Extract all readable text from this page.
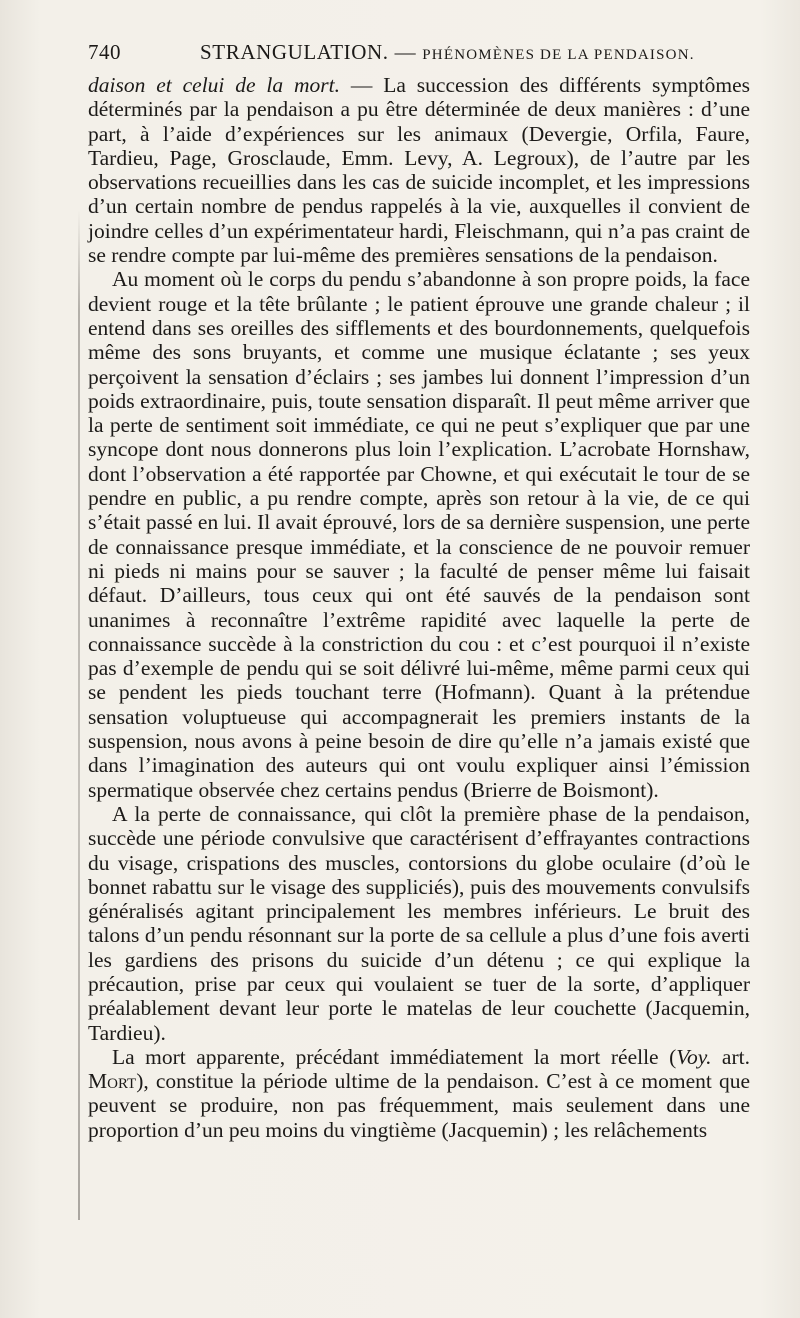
740	STRANGULATION. — PHÉNOMÈNES DE LA PENDAISON.

daison et celui de la mort. — La succession des différents symptômes déterminés par la pendaison a pu être déterminée de deux manières : d’une part, à l’aide d’expériences sur les animaux (Devergie, Orfila, Faure, Tardieu, Page, Grosclaude, Emm. Levy, A. Legroux), de l’autre par les observations recueillies dans les cas de suicide incomplet, et les impressions d’un certain nombre de pendus rappelés à la vie, auxquelles il convient de joindre celles d’un expérimentateur hardi, Fleischmann, qui n’a pas craint de se rendre compte par lui-même des premières sensations de la pendaison.

Au moment où le corps du pendu s’abandonne à son propre poids, la face devient rouge et la tête brûlante ; le patient éprouve une grande chaleur ; il entend dans ses oreilles des sifflements et des bourdonnements, quelquefois même des sons bruyants, et comme une musique éclatante ; ses yeux perçoivent la sensation d’éclairs ; ses jambes lui donnent l’impression d’un poids extraordinaire, puis, toute sensation disparaît. Il peut même arriver que la perte de sentiment soit immédiate, ce qui ne peut s’expliquer que par une syncope dont nous donnerons plus loin l’explication. L’acrobate Hornshaw, dont l’observation a été rapportée par Chowne, et qui exécutait le tour de se pendre en public, a pu rendre compte, après son retour à la vie, de ce qui s’était passé en lui. Il avait éprouvé, lors de sa dernière suspension, une perte de connaissance presque immédiate, et la conscience de ne pouvoir remuer ni pieds ni mains pour se sauver ; la faculté de penser même lui faisait défaut. D’ailleurs, tous ceux qui ont été sauvés de la pendaison sont unanimes à reconnaître l’extrême rapidité avec laquelle la perte de connaissance succède à la constriction du cou : et c’est pourquoi il n’existe pas d’exemple de pendu qui se soit délivré lui-même, même parmi ceux qui se pendent les pieds touchant terre (Hofmann). Quant à la prétendue sensation voluptueuse qui accompagnerait les premiers instants de la suspension, nous avons à peine besoin de dire qu’elle n’a jamais existé que dans l’imagination des auteurs qui ont voulu expliquer ainsi l’émission spermatique observée chez certains pendus (Brierre de Boismont).

A la perte de connaissance, qui clôt la première phase de la pendaison, succède une période convulsive que caractérisent d’effrayantes contractions du visage, crispations des muscles, contorsions du globe oculaire (d’où le bonnet rabattu sur le visage des suppliciés), puis des mouvements convulsifs généralisés agitant principalement les membres inférieurs. Le bruit des talons d’un pendu résonnant sur la porte de sa cellule a plus d’une fois averti les gardiens des prisons du suicide d’un détenu ; ce qui explique la précaution, prise par ceux qui voulaient se tuer de la sorte, d’appliquer préalablement devant leur porte le matelas de leur couchette (Jacquemin, Tardieu).

La mort apparente, précédant immédiatement la mort réelle (Voy. art. Mort), constitue la période ultime de la pendaison. C’est à ce moment que peuvent se produire, non pas fréquemment, mais seulement dans une proportion d’un peu moins du vingtième (Jacquemin) ; les relâchements
